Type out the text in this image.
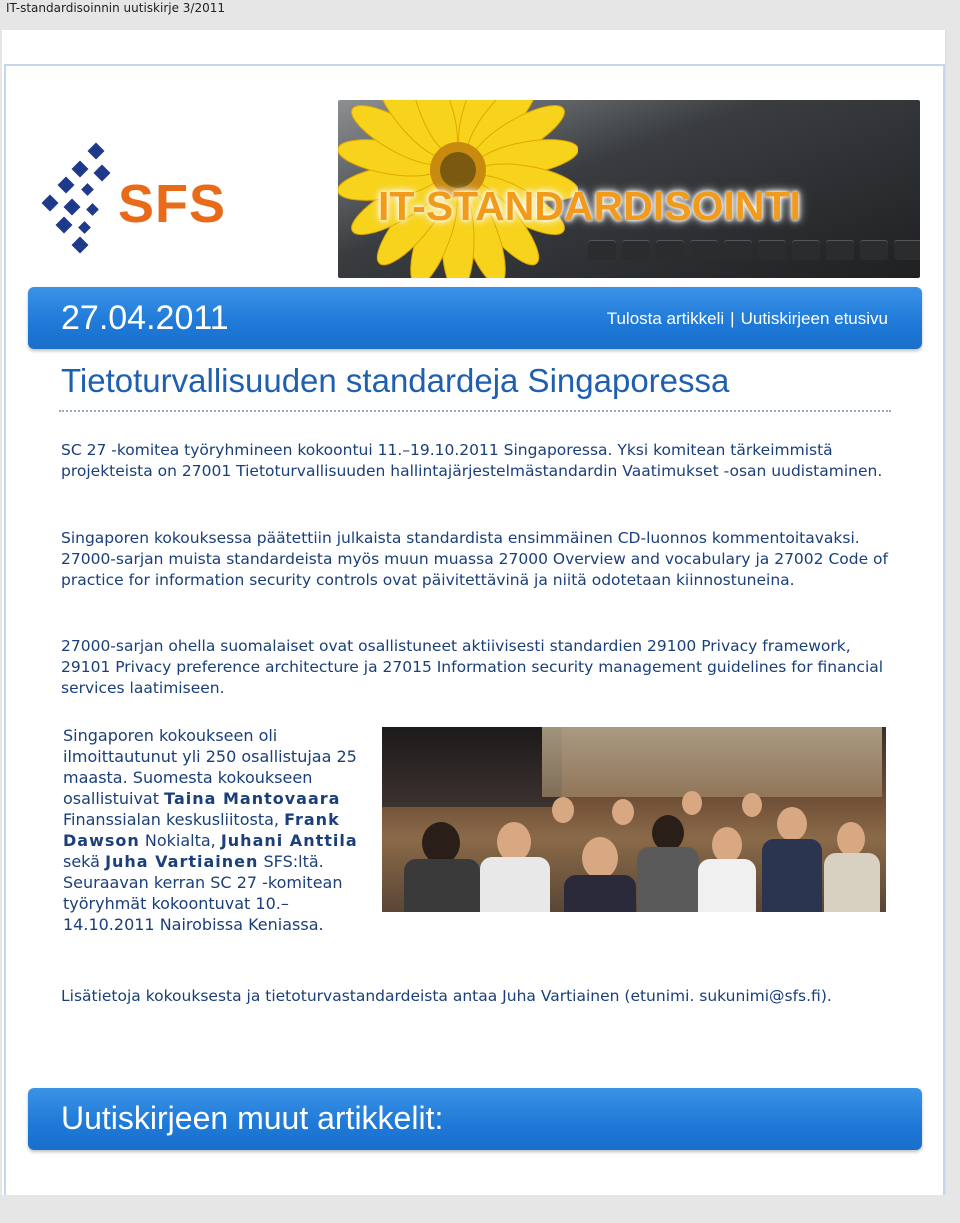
IT-standardisoinnin uutiskirje 3/2011
SFS	IT-STANDARDISOINTI
27.04.2011	Tulosta artikkeli | Uutiskirjeen etusivu
Tietoturvallisuuden standardeja Singaporessa

SC 27 -komitea työryhmineen kokoontui 11.–19.10.2011 Singaporessa. Yksi komitean tärkeimmistä projekteista on 27001 Tietoturvallisuuden hallintajärjestelmästandardin Vaatimukset -osan uudistaminen.

Singaporen kokouksessa päätettiin julkaista standardista ensimmäinen CD-luonnos kommentoitavaksi. 27000-sarjan muista standardeista myös muun muassa 27000 Overview and vocabulary ja 27002 Code of practice for information security controls ovat päivitettävinä ja niitä odotetaan kiinnostuneina.

27000-sarjan ohella suomalaiset ovat osallistuneet aktiivisesti standardien 29100 Privacy framework, 29101 Privacy preference architecture ja 27015 Information security management guidelines for financial services laatimiseen.

Singaporen kokoukseen oli ilmoittautunut yli 250 osallistujaa 25 maasta. Suomesta kokoukseen osallistuivat Taina Mantovaara Finanssialan keskusliitosta, Frank Dawson Nokialta, Juhani Anttila sekä Juha Vartiainen SFS:ltä. Seuraavan kerran SC 27 -komitean työryhmät kokoontuvat 10.–14.10.2011 Nairobissa Keniassa.

Lisätietoja kokouksesta ja tietoturvastandardeista antaa Juha Vartiainen (etunimi. sukunimi@sfs.fi).

Uutiskirjeen muut artikkelit:
